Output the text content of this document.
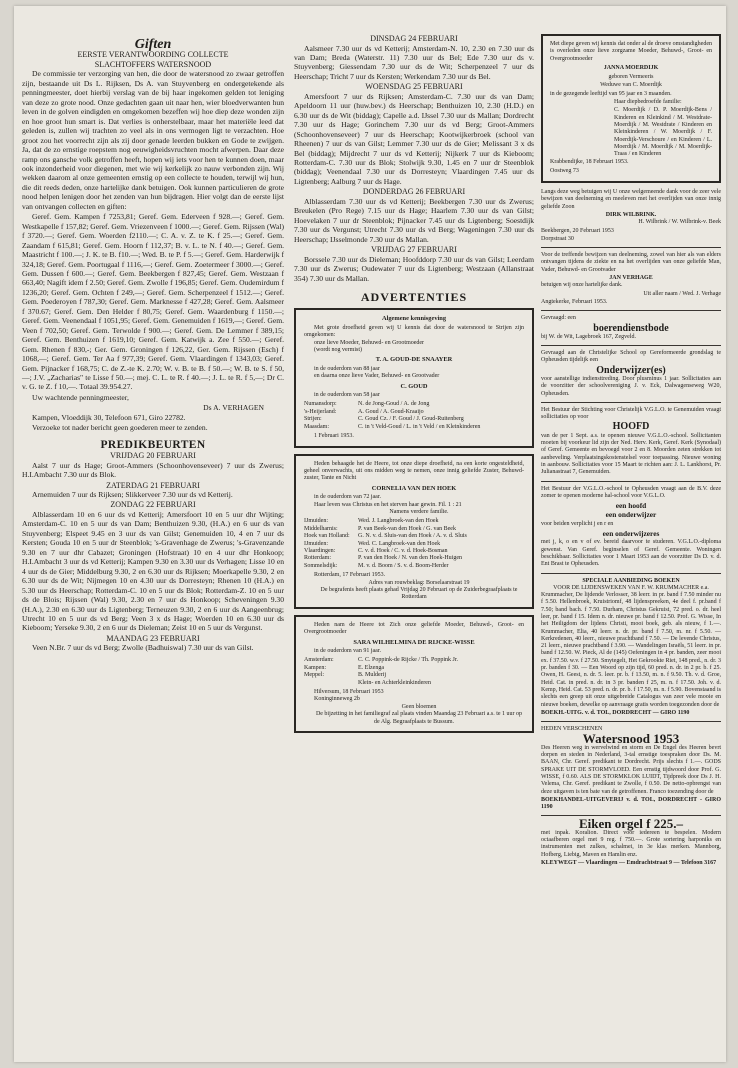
Giften
EERSTE VERANTWOORDING COLLECTE
SLACHTOFFERS WATERSNOOD

De commissie ter verzorging van hen, die door de watersnood zo zwaar getroffen zijn, bestaande uit Ds L. Rijksen, Ds A. van Stuyvenberg en ondergetekende als penningmeester, doet hierbij verslag van de bij haar ingekomen gelden tot leniging van deze zo grote nood. Onze gedachten gaan uit naar hen, wier bloedverwanten hun leven in de golven eindigden en omgekomen bezeffen wij hoe diep deze wonden zijn en hoe groot hun smart is. Dat verlies is onherstelbaar, maar het materiële leed dat geleden is, zullen wij trachten zo veel als in ons vermogen ligt te verzachten. Hoe groot zou het voorrecht zijn als zij door genade leerden bukken en Gode te zwijgen. Ja, dat de zo ernstige roepstem nog eeuwigheidsvruchten mocht afwerpen. Daar deze ramp ons gansche volk getroffen heeft, hopen wij iets voor hen te kunnen doen, maar ook inzonderheid voor diegenen, met wie wij kerkelijk zo nauw verbonden zijn. Wij wekken daarom al onze gemeenten ernstig op een collecte te houden, terwijl wij hun, die dit reeds deden, onze hartelijke dank betuigen. Ook kunnen particulieren de grote nood helpen lenigen door het zenden van hun bijdragen. Hier volgt dan de eerste lijst van ontvangen collecten en giften:

Geref. Gem. Kampen f 7253,81; Geref. Gem. Ederveen f 928.—; Geref. Gem. Westkapelle f 157,82; Geref. Gem. Vriezenveen f 1000.—; Geref. Gem. Rijssen (Wal) f 3720.—; Geref. Gem. Woerden f2110.—; C. A. v. Z. te K. f 25.—; Geref. Gem. Zaandam f 615,81; Geref. Gem. Hoorn f 112,37; B. v. L. te N. f 40.—; Geref. Gem. Maastricht f 100.—; J. K. te B. f10.—; Wed. B. te P. f 5.—; Geref. Gem. Harderwijk f 324,18; Geref. Gem. Poortugaal f 1116,—; Geref. Gem. Zoetermeer f 3000.—; Geref. Gem. Dussen f 600.—; Geref. Gem. Beekbergen f 827,45; Geref. Gem. Westzaan f 663,40; Nagift idem f 2.50; Geref. Gem. Zwolle f 196,85; Geref. Gem. Oudemirdum f 1236,20; Geref. Gem. Ochten f 249,—; Geref. Gem. Scherpenzeel f 1512.—; Geref. Gem. Poederoyen f 787,30; Geref. Gem. Marknesse f 427,28; Geref. Gem. Aalsmeer f 370.67; Geref. Gem. Den Helder f 80,75; Geref. Gem. Waardenburg f 1150.—; Geref. Gem. Veenendaal f 1051,95; Geref. Gem. Genemuiden f 1619,—; Geref. Gem. Veen f 702,50; Geref. Gem. Terwolde f 900.—; Geref. Gem. De Lemmer f 389,15; Geref. Gem. Benthuizen f 1619,10; Geref. Gem. Katwijk a. Zee f 550.—; Geref. Gem. Rhenen f 830,-; Ger. Gem. Groningen f 126,22, Ger. Gem. Rijssen (Esch) f 1068,—; Geref. Gem. Ter Aa f 977,39; Geref. Gem. Vlaardingen f 1343,03; Geref. Gem. Pijnacker f 168,75; C. de Z.-te K. 2.70; W. v. B. te B. f 50.—; W. B. te S. f 50,—; J.V. „Zacharias" te Lisse f 50.—; mej. C. L. te R. f 40.—; J. L. te R. f 5,—; Dr C. v. G. te Z. f 10,—. Totaal 39.954.27.

Uw wachtende penningmeester,

Ds A. VERHAGEN

Kampen, Vloeddijk 30, Telefoon 671, Giro 22782.

Verzoeke tot nader bericht geen goederen meer te zenden.

PREDIKBEURTEN
VRIJDAG 20 FEBRUARI

Aalst 7 uur ds Hage; Groot-Ammers (Schoonhovenseveer) 7 uur ds Zwerus; H.I.Ambacht 7.30 uur ds Blok.

ZATERDAG 21 FEBRUARI

Arnemuiden 7 uur ds Rijksen; Slikkerveer 7.30 uur ds vd Ketterij.

ZONDAG 22 FEBRUARI

Alblasserdam 10 en 6 uur ds vd Ketterij; Amersfoort 10 en 5 uur dhr Wijting; Amsterdam-C. 10 en 5 uur ds van Dam; Benthuizen 9.30, (H.A.) en 6 uur ds van Stuyvenberg; Elspeet 9.45 en 3 uur ds van Gilst; Genemuiden 10, 4 en 7 uur ds Kersten; Gouda 10 en 5 uur dr Steenblok; 's-Gravenhage de Zwerus; 's-Gravenzande 9.30 en 7 uur dhr Cabazet; Groningen (Hofstraat) 10 en 4 uur dhr Honkoop; H.I.Ambacht 3 uur ds vd Ketterij; Kampen 9.30 en 3.30 uur ds Verhagen; Lisse 10 en 4 uur ds de Gier; Middelburg 9.30, 2 en 6.30 uur ds Rijksen; Moerkapelle 9.30, 2 en 6.30 uur ds de Wit; Nijmegen 10 en 4.30 uur ds Dorresteyn; Rhenen 10 (H.A.) en 5.30 uur ds Heerschap; Rotterdam-C. 10 en 5 uur ds Blok; Rotterdam-Z. 10 en 5 uur ds de Blois; Rijssen (Wal) 9.30, 2.30 en 7 uur ds Honkoop; Scheveningen 9.30 (H.A.), 2.30 en 6.30 uur ds Ligtenberg; Terneuzen 9.30, 2 en 6 uur ds Aangeenbrug; Utrecht 10 en 5 uur ds vd Berg; Veen 3 x ds Hage; Woerden 10 en 6.30 uur ds Kieboom; Yerseke 9.30, 2 en 6 uur ds Dieleman; Zeist 10 en 5 uur ds Vergunst.

MAANDAG 23 FEBRUARI

Veen N.Br. 7 uur ds vd Berg; Zwolle (Badhuiswal) 7.30 uur ds van Gilst.

DINSDAG 24 FEBRUARI

Aalsmeer 7.30 uur ds vd Ketterij; Amsterdam-N. 10, 2.30 en 7.30 uur ds van Dam; Breda (Waterstr. 11) 7.30 uur ds Bel; Ede 7.30 uur ds v. Stuyvenberg; Giessendam 7.30 uur ds de Wit; Scherpenzeel 7 uur ds Heerschap; Tricht 7 uur ds Kersten; Werkendam 7.30 uur ds Bel.

WOENSDAG 25 FEBRUARI

Amersfoort 7 uur ds Rijksen; Amsterdam-C. 7.30 uur ds van Dam; Apeldoorn 11 uur (huw.bev.) ds Heerschap; Benthuizen 10, 2.30 (H.D.) en 6.30 uur ds de Wit (biddag); Capelle a.d. IJssel 7.30 uur ds Mallan; Dordrecht 7.30 uur ds Hage; Gorinchem 7.30 uur ds vd Berg; Groot-Ammers (Schoonhovenseveer) 7 uur ds Heerschap; Kootwijkerbroek (school van Rheenen) 7 uur ds van Gilst; Lemmer 7.30 uur ds de Gier; Melissant 3 x ds Bel (biddag); Mijdrecht 7 uur ds vd Ketterij; Nijkerk 7 uur ds Kieboom; Rotterdam-C. 7.30 uur ds Blok; Stolwijk 9.30, 1.45 en 7 uur dr Steenblok (biddag); Veenendaal 7.30 uur ds Dorresteyn; Vlaardingen 7.45 uur ds Ligtenberg; Aalburg 7 uur ds Hage.

DONDERDAG 26 FEBRUARI

Alblasserdam 7.30 uur ds vd Ketterij; Beekbergen 7.30 uur ds Zwerus; Breukelen (Pro Rege) 7.15 uur ds Hage; Haarlem 7.30 uur ds van Gilst; Hoevelaken 7 uur dr Steenblok; Pijnacker 7.45 uur ds Ligtenberg; Soestdijk 7.30 uur ds Vergunst; Utrecht 7.30 uur ds vd Berg; Wageningen 7.30 uur ds Heerschap; IJsselmonde 7.30 uur ds Mallan.

VRIJDAG 27 FEBRUARI

Borssele 7.30 uur ds Dieleman; Hoofddorp 7.30 uur ds van Gilst; Leerdam 7.30 uur ds Zwerus; Oudewater 7 uur ds Ligtenberg; Westzaan (Allanstraat 354) 7.30 uur ds Mallan.

ADVERTENTIES
Algemene kennisgeving

Met grote droefheid geven wij U kennis dat door de watersnood te Strijen zijn omgekomen:

onze lieve Moeder, Behuwd- en Grootmoeder

(wordt nog vermist)

T. A. GOUD-DE SNAAYER

in de ouderdom van 88 jaar

en daarna onze lieve Vader, Behuwd- en Grootvader

C. GOUD

in de ouderdom van 58 jaar

Numansdorp:	N. de Jong-Goud / A. de Jong
's-Heijerland:	A. Goud / A. Goud-Kraaijo
Strijen:	C. Goud Cz. / F. Goud / J. Goud-Ruitenberg
Maasdam:	C. in 't Veld-Goud / L. in 't Veld / en Kleinkinderen

1 Februari 1953.

Heden behaagde het de Heere, tot onze diepe droefheid, na een korte ongesteldheid, geheel onverwachts, uit ons midden weg te nemen, onze innig geliefde Zuster, Behuwd-zuster, Tante en Nicht

CORNELIA VAN DEN HOEK

in de ouderdom van 72 jaar.

Haar leven was Christus en het sterven haar gewin. Fil. 1 : 21

Namens verdere familie.

IJmuiden:	Wed. J. Langbroek-van den Hoek
Middelharnis:	P. van Beek-van den Hoek / G. van Beek
Hoek van Holland:	G. N. v. d. Sluis-van den Hoek / A. v. d. Sluis
IJmuiden:	Wed. C. Langbroek-van den Hoek
Vlaardingen:	C. v. d. Hoek / C. v. d. Hoek-Bosman
Rotterdam:	P. van den Hoek / N. van den Hoek-Huigen
Sommelsdijk:	M. v. d. Boom / S. v. d. Boom-Herder

Rotterdam, 17 Februari 1953.

Adres van rouwbeklag: Borselaarstraat 19

De begrafenis heeft plaats gehad Vrijdag 20 Februari op de Zuiderbegraafplaats te Rotterdam

Heden nam de Heere tot Zich onze geliefde Moeder, Behuwd-, Groot- en Overgrootmoeder

SARA WILHELMINA DE RIJCKE-WISSE

in de ouderdom van 91 jaar.

Amsterdam:	C. C. Poppink-de Rijcke / Th. Poppink Jr.
Kampen:	E. Elzenga
Meppel:	B. Mulderij
Klein- en Achterkleinkinderen

Hilversum, 18 Februari 1953

Koninginneweg 2b

Geen bloemen

De bijzetting in het familiegraf zal plaats vinden Maandag 23 Februari a.s. te 1 uur op de Alg. Begraafplaats te Bussum.

Met diepe geven wij kennis dat onder al de droeve omstandigheden is overleden onze lieve zorgzame Moeder, Behuwd-, Groot- en Overgrootmoeder

JANNA MOERDIJK

geboren Vermeeris

Weduwe van C. Moerdijk

in de gezegende leeftijd van 95 jaar en 3 maanden.

Haar diepbedroefde familie:

C. Moerdijk / D. P. Moerdijk-Bens / Kinderen en Kleinkind / M. Westdrate-Moerdijk / M. Westdrate / Kinderen en Kleinkinderen / W. Moerdijk / F. Moerdijk-Verschoure / en Kinderen / L. Moerdijk / M. Moerdijk / M. Moerdijk-Traas / en Kinderen

Krabbendijke, 18 Februari 1953.

Oostweg 73

Langs deze weg betuigen wij U onze welgemeende dank voor de zeer vele bewijzen van deelneming en meeleven met het overlijden van onze innig geliefde Zoon

DIRK WILBRINK.

H. Wilbrink / W. Wilbrink-v. Beek

Beekbergen, 20 Februari 1953

Dorpstraat 30

Voor de treffende bewijzen van deelneming, zowel van hier als van elders ontvangen tijdens de ziekte en na het overlijden van onze geliefde Man, Vader, Behuwd- en Grootvader

JAN VERHAGE

betuigen wij onze hartelijke dank.

Uit aller naam / Wed. J. Verhage

Angtekerke, Februari 1953.

Gevraagd: een

boerendienstbode

bij W. de Wit, Lagebroek 167, Zegveld.

Gevraagd aan de Christelijke School op Gereformeerde grondslag te Opheusden tijdelijk een

Onderwijzer(es)

voor aanstellige indiensttreding. Door plusminus 1 jaar. Sollicitaties aan de voorzitter der schoolvereniging J. v. Eck, Dalwagenseweg W20, Opheusden.

Het Bestuur der Stichting voor Christelijk V.G.L.O. te Genemuiden vraagt sollicitaties op voor

HOOFD

van de per 1 Sept. a.s. te openen nieuwe V.G.L.O.-school. Sollicitanten moeten bij voorkeur lid zijn der Ned. Herv. Kerk, Geref. Kerk (Synodaal) of Geref. Gemeente en bevoegd voor 2 en 8. Moorden zeten strekken tot aanbeveling. Verplaatsingskostenstelsel voor toepassing. Nieuwe woning in aanbouw. Sollicitaties voor 15 Maart te richten aan: J. L. Lankhorst, Pr. Julianastraat 7, Genemuiden.

Het Bestuur der V.G.L.O.-school te Opheusden vraagt aan de B.V. deze zomer te openen moderne hal-school voor V.G.L.O.

een hoofd
een onderwijzer

voor beiden verplicht j en r en

een onderwijzeres

met j, k, o en v of ev. bereid daarvoor te studeren. V.G.L.O.-diploma gewenst. Van Geref. beginselen of Geref. Gemeente. Woningen beschikbaar. Sollicitaties voor 1 Maart 1953 aan de voorzitter Ds D. v. d. Ent Brast te Opheusden.

SPECIALE AANBIEDING BOEKEN
VOOR DE LIJDENSWEKEN VAN F. W. KRUMMACHER e.a.

Krummacher, De lijdende Verlosser, 38 leerr. in pr. band f 7.50 minder nu f 5.50. Hellenbroek, Kruistriomf, 48 lijdenspreeken, 4e deel f. pr.band f 7.50; band bach. f 7.50. Durham, Christus Gekruist, 72 pred. o. dr. heel leer, pr. band f 15. Idem n. dr. nieuwe pr. band f 12.50. Prof. G. Wisse, In het Heiligdom der lijdens Christi, mooi boek, geb. als nieuw, f 1.—. Krummacher, Elia, 40 leerr. n. dr. pr. band f 7.50, m. nr. f 5.50. — Kerkredenen, 40 leerr., nieuwe prachtband f 7.50. — De levende Christus, 21 leerr., nieuwe prachtband f 3.90. — Wandelingen Israëls, 51 leerr. in pr. band f 12.50. W. Pieck, Al de (145) Oefeningen in 4 pr. banden, zeer mooi ex. f 37.50. w.v. f 27.50. Smytegelt, Het Gekrookte Riet, 148 pred., n. dr. 3 pr. banden f 30. — Een Woord op zijn tijd, 60 pred. n. dr. in 2 pr. b. f 25. Owen, H. Geest, n. dr. 5. leer. pr. b. f 13.50, m. n. f 9.50. Th. v. d. Groe, Heid. Cat. in pred. n. dr. in 3 pr. banden f 25, m. n. f 17.50. Joh. v. d. Kemp, Heid. Cat. 53 pred. n. dr. pr. b. f 17.50, m. n. f 5.90. Bovenstaand is slechts een greep uit onze uitgebreide Catalogus van zeer vele mooie en nieuwe boeken, dewelke op aanvraage gratis worden toegezonden door de

BOEKH.-UITG. v. d. TOL, DORDRECHT — GIRO 1190

HEDEN VERSCHENEN

Watersnood 1953

Des Heeren weg in wervelwind en storm en De Engel des Heeren bevrt dorpen en steden in Nederland, 3-tal ernstige toespraken door Ds. M. BAAN, Chr. Geref. predikant te Dordrecht. Prijs slechts f 1.—. GODS SPRAKE UIT DE STORMVLOED. Een ernstig tijdwoord door Prof. G. WISSE, f 0.60. ALS DE STORMKLOK LUIDT, Tijdpreek door Ds J. H. Velema, Chr. Geref. predikant te Zwolle, f 0.50. De netto-opbrengst van deze uitgaven is ten bate van de getroffenen. Franco toezending door de

BOEKHANDEL-UITGEVERIJ v. d. TOL, DORDRECHT - GIRO 1190
Eiken orgel f 225.–

met inpak. Koralion. Direct voor iedereen te bespelen. Modern octaafberen orgel met 9 reg. f 750.—. Grote sortering harponiks en instrumenten met zulkes, schalmei, in 3e klas merken. Mannborg, Hofberg, Liebig, Maven en Hamlin enz.

KLEYWEGT — Vlaardingen — Emdrachtstraat 9 — Telefoon 3167
